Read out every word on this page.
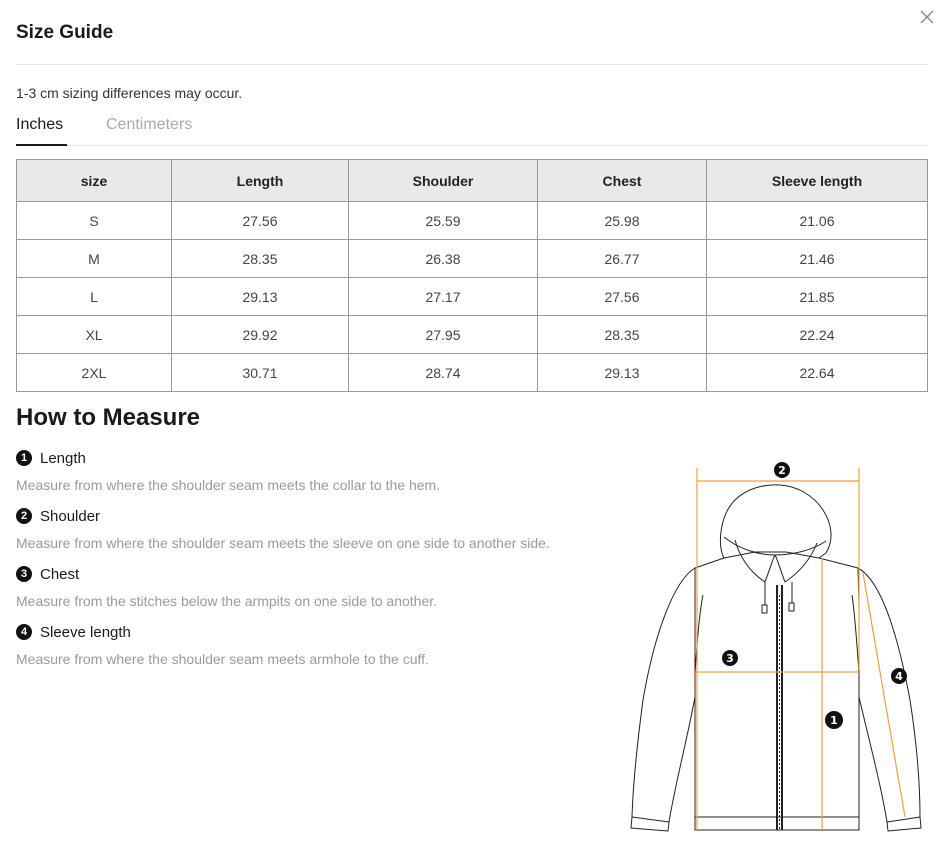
Size Guide
1-3 cm sizing differences may occur.
Inches	Centimeters
size	Length	Shoulder	Chest	Sleeve length
S	27.56	25.59	25.98	21.06
M	28.35	26.38	26.77	21.46
L	29.13	27.17	27.56	21.85
XL	29.92	27.95	28.35	22.24
2XL	30.71	28.74	29.13	22.64
How to Measure
1 Length
Measure from where the shoulder seam meets the collar to the hem.
2 Shoulder
Measure from where the shoulder seam meets the sleeve on one side to another side.
3 Chest
Measure from the stitches below the armpits on one side to another.
4 Sleeve length
Measure from where the shoulder seam meets armhole to the cuff.
2
3
1
4
